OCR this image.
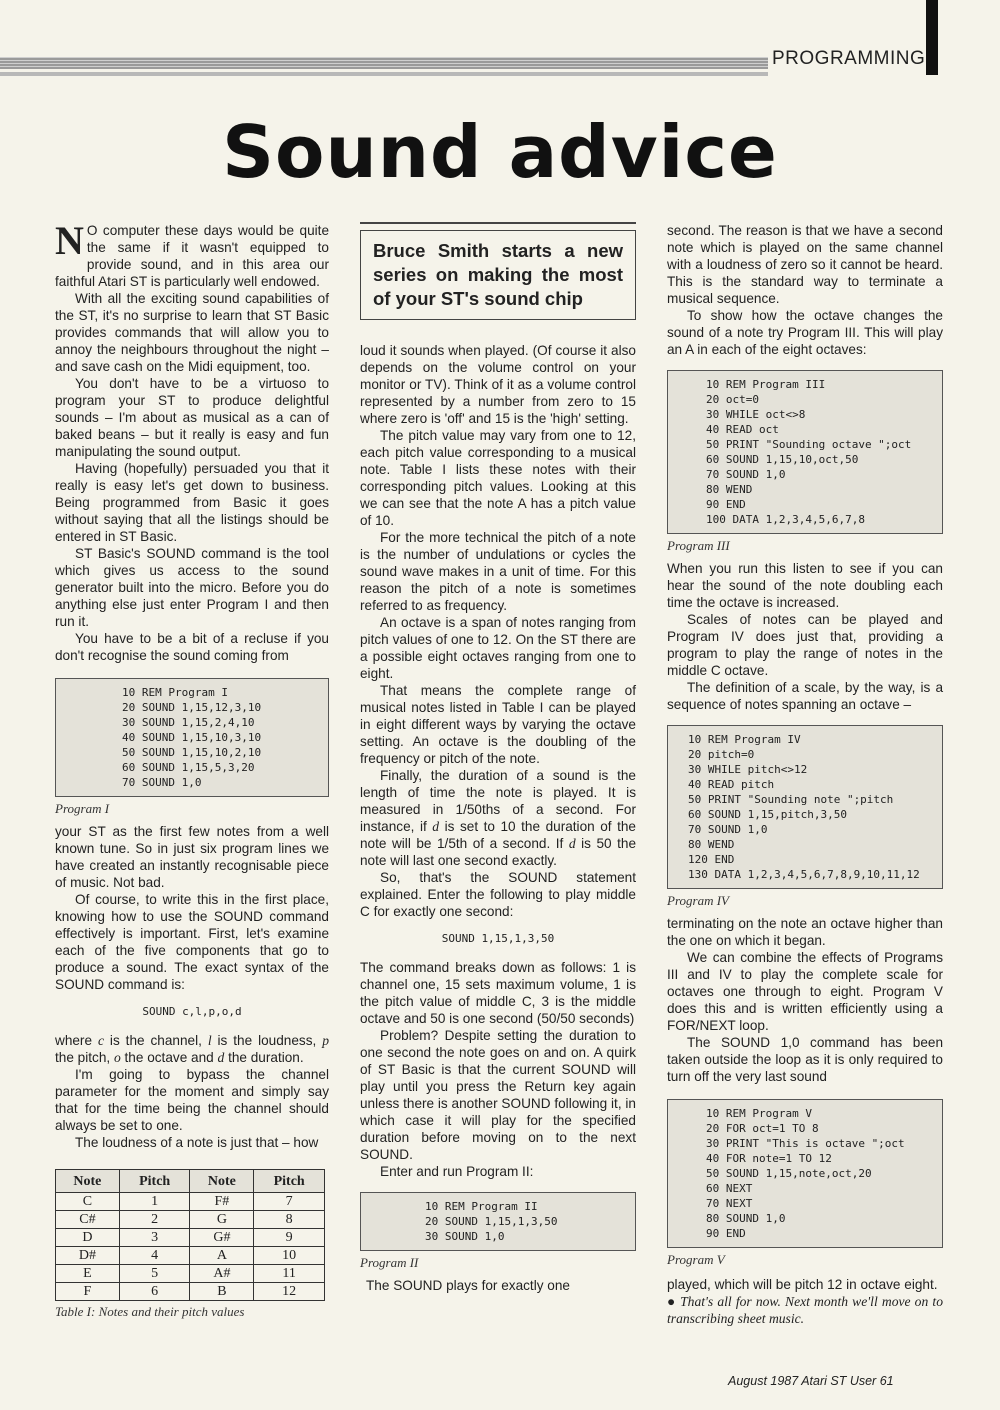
PROGRAMMING
Sound advice

N O computer these days would be quite the same if it wasn't equipped to provide sound, and in this area our faithful Atari ST is particularly well endowed.

With all the exciting sound capabilities of the ST, it's no surprise to learn that ST Basic provides commands that will allow you to annoy the neighbours throughout the night – and save cash on the Midi equipment, too.

You don't have to be a virtuoso to program your ST to produce delightful sounds – I'm about as musical as a can of baked beans – but it really is easy and fun manipulating the sound output.

Having (hopefully) persuaded you that it really is easy let's get down to business. Being programmed from Basic it goes without saying that all the listings should be entered in ST Basic.

ST Basic's SOUND command is the tool which gives us access to the sound generator built into the micro. Before you do anything else just enter Program I and then run it.

You have to be a bit of a recluse if you don't recognise the sound coming from

10 REM Program I
20 SOUND 1,15,12,3,10
30 SOUND 1,15,2,4,10
40 SOUND 1,15,10,3,10
50 SOUND 1,15,10,2,10
60 SOUND 1,15,5,3,20
70 SOUND 1,0
Program I

your ST as the first few notes from a well known tune. So in just six program lines we have created an instantly recognisable piece of music. Not bad.

Of course, to write this in the first place, knowing how to use the SOUND command effectively is important. First, let's examine each of the five components that go to produce a sound. The exact syntax of the SOUND command is:

SOUND c,l,p,o,d

where c is the channel, l is the loudness, p the pitch, o the octave and d the duration.

I'm going to bypass the channel parameter for the moment and simply say that for the time being the channel should always be set to one.

The loudness of a note is just that – how

Note	Pitch	Note	Pitch
C	1	F#	7
C#	2	G	8
D	3	G#	9
D#	4	A	10
E	5	A#	11
F	6	B	12
Table I: Notes and their pitch values
Bruce Smith starts a new series on making the most of your ST's sound chip

loud it sounds when played. (Of course it also depends on the volume control on your monitor or TV). Think of it as a volume control represented by a number from zero to 15 where zero is 'off' and 15 is the 'high' setting.

The pitch value may vary from one to 12, each pitch value corresponding to a musical note. Table I lists these notes with their corresponding pitch values. Looking at this we can see that the note A has a pitch value of 10.

For the more technical the pitch of a note is the number of undulations or cycles the sound wave makes in a unit of time. For this reason the pitch of a note is sometimes referred to as frequency.

An octave is a span of notes ranging from pitch values of one to 12. On the ST there are a possible eight octaves ranging from one to eight.

That means the complete range of musical notes listed in Table I can be played in eight different ways by varying the octave setting. An octave is the doubling of the frequency or pitch of the note.

Finally, the duration of a sound is the length of time the note is played. It is measured in 1/50ths of a second. For instance, if d is set to 10 the duration of the note will be 1/5th of a second. If d is 50 the note will last one second exactly.

So, that's the SOUND statement explained. Enter the following to play middle C for exactly one second:

SOUND 1,15,1,3,50

The command breaks down as follows: 1 is channel one, 15 sets maximum volume, 1 is the pitch value of middle C, 3 is the middle octave and 50 is one second (50/50 seconds)

Problem? Despite setting the duration to one second the note goes on and on. A quirk of ST Basic is that the current SOUND will play until you press the Return key again unless there is another SOUND following it, in which case it will play for the specified duration before moving on to the next SOUND.

Enter and run Program II:

10 REM Program II
20 SOUND 1,15,1,3,50
30 SOUND 1,0
Program II

The SOUND plays for exactly one

second. The reason is that we have a second note which is played on the same channel with a loudness of zero so it cannot be heard. This is the standard way to terminate a musical sequence.

To show how the octave changes the sound of a note try Program III. This will play an A in each of the eight octaves:

10 REM Program III
20 oct=0
30 WHILE oct<>8
40 READ oct
50 PRINT "Sounding octave ";oct
60 SOUND 1,15,10,oct,50
70 SOUND 1,0
80 WEND
90 END
100 DATA 1,2,3,4,5,6,7,8
Program III

When you run this listen to see if you can hear the sound of the note doubling each time the octave is increased.

Scales of notes can be played and Program IV does just that, providing a program to play the range of notes in the middle C octave.

The definition of a scale, by the way, is a sequence of notes spanning an octave –

10 REM Program IV
20 pitch=0
30 WHILE pitch<>12
40 READ pitch
50 PRINT "Sounding note ";pitch
60 SOUND 1,15,pitch,3,50
70 SOUND 1,0
80 WEND
120 END
130 DATA 1,2,3,4,5,6,7,8,9,10,11,12
Program IV

terminating on the note an octave higher than the one on which it began.

We can combine the effects of Programs III and IV to play the complete scale for octaves one through to eight. Program V does this and is written efficiently using a FOR/NEXT loop.

The SOUND 1,0 command has been taken outside the loop as it is only required to turn off the very last sound

10 REM Program V
20 FOR oct=1 TO 8
30 PRINT "This is octave ";oct
40 FOR note=1 TO 12
50 SOUND 1,15,note,oct,20
60 NEXT
70 NEXT
80 SOUND 1,0
90 END
Program V

played, which will be pitch 12 in octave eight.

● That's all for now. Next month we'll move on to transcribing sheet music.

August 1987 Atari ST User 61
